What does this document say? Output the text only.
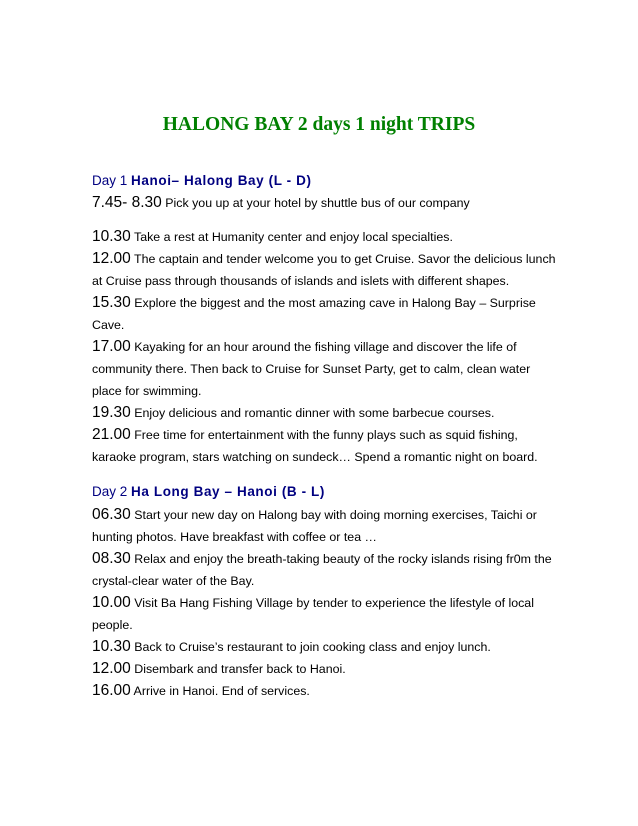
HALONG BAY 2 days 1 night TRIPS
Day 1 Hanoi– Halong Bay (L - D)
7.45- 8.30 Pick you up at your hotel by shuttle bus of our company
10.30 Take a rest at Humanity center and enjoy local specialties.
12.00 The captain and tender welcome you to get Cruise. Savor the delicious lunch
at Cruise pass through thousands of islands and islets with different shapes.
15.30 Explore the biggest and the most amazing cave in Halong Bay – Surprise
Cave.
17.00 Kayaking for an hour around the fishing village and discover the life of
community there. Then back to Cruise for Sunset Party, get to calm, clean water
place for swimming.
19.30 Enjoy delicious and romantic dinner with some barbecue courses.
21.00 Free time for entertainment with the funny plays such as squid fishing,
karaoke program, stars watching on sundeck… Spend a romantic night on board.
Day 2 Ha Long Bay – Hanoi (B - L)
06.30 Start your new day on Halong bay with doing morning exercises, Taichi or
hunting photos. Have breakfast with coffee or tea …
08.30 Relax and enjoy the breath-taking beauty of the rocky islands rising fr0m the
crystal-clear water of the Bay.
10.00 Visit Ba Hang Fishing Village by tender to experience the lifestyle of local
people.
10.30 Back to Cruise’s restaurant to join cooking class and enjoy lunch.
12.00 Disembark and transfer back to Hanoi.
16.00 Arrive in Hanoi. End of services.
